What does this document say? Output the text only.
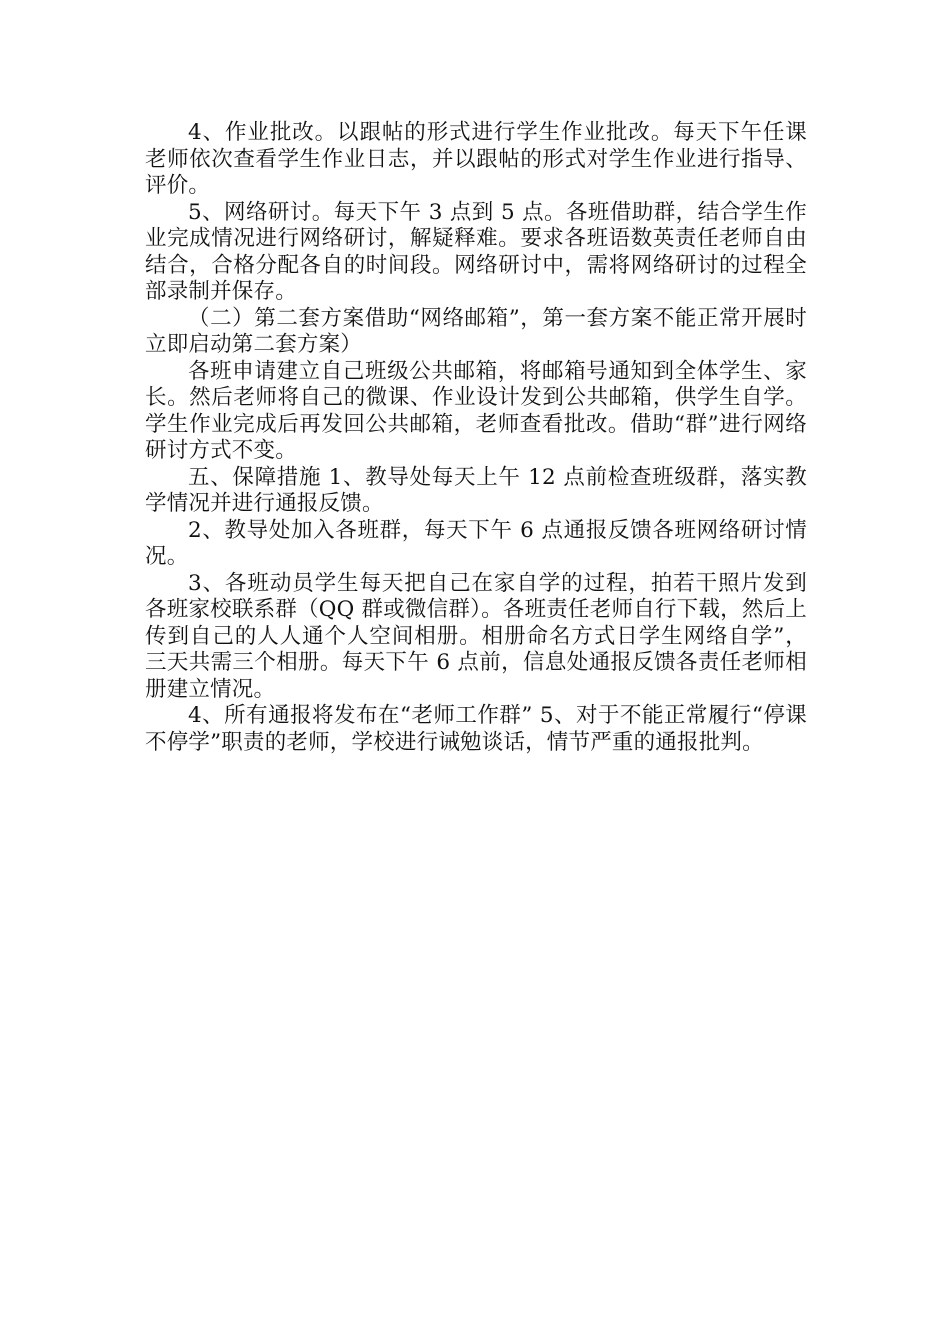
4、作业批改。以跟帖的形式进行学生作业批改。每天下午任课老师依次查看学生作业日志，并以跟帖的形式对学生作业进行指导、评价。

5、网络研讨。每天下午 3 点到 5 点。各班借助群，结合学生作业完成情况进行网络研讨，解疑释难。要求各班语数英责任老师自由结合，合格分配各自的时间段。网络研讨中，需将网络研讨的过程全部录制并保存。

（二）第二套方案借助“网络邮箱”，第一套方案不能正常开展时立即启动第二套方案）

各班申请建立自己班级公共邮箱，将邮箱号通知到全体学生、家长。然后老师将自己的微课、作业设计发到公共邮箱，供学生自学。学生作业完成后再发回公共邮箱，老师查看批改。借助“群”进行网络研讨方式不变。

五、保障措施 1、教导处每天上午 12 点前检查班级群，落实教学情况并进行通报反馈。

2、教导处加入各班群，每天下午 6 点通报反馈各班网络研讨情况。

3、各班动员学生每天把自己在家自学的过程，拍若干照片发到各班家校联系群（QQ 群或微信群）。各班责任老师自行下载，然后上传到自己的人人通个人空间相册。相册命名方式日学生网络自学”，三天共需三个相册。每天下午 6 点前，信息处通报反馈各责任老师相册建立情况。

4、所有通报将发布在“老师工作群” 5、对于不能正常履行“停课不停学”职责的老师，学校进行诫勉谈话，情节严重的通报批判。
